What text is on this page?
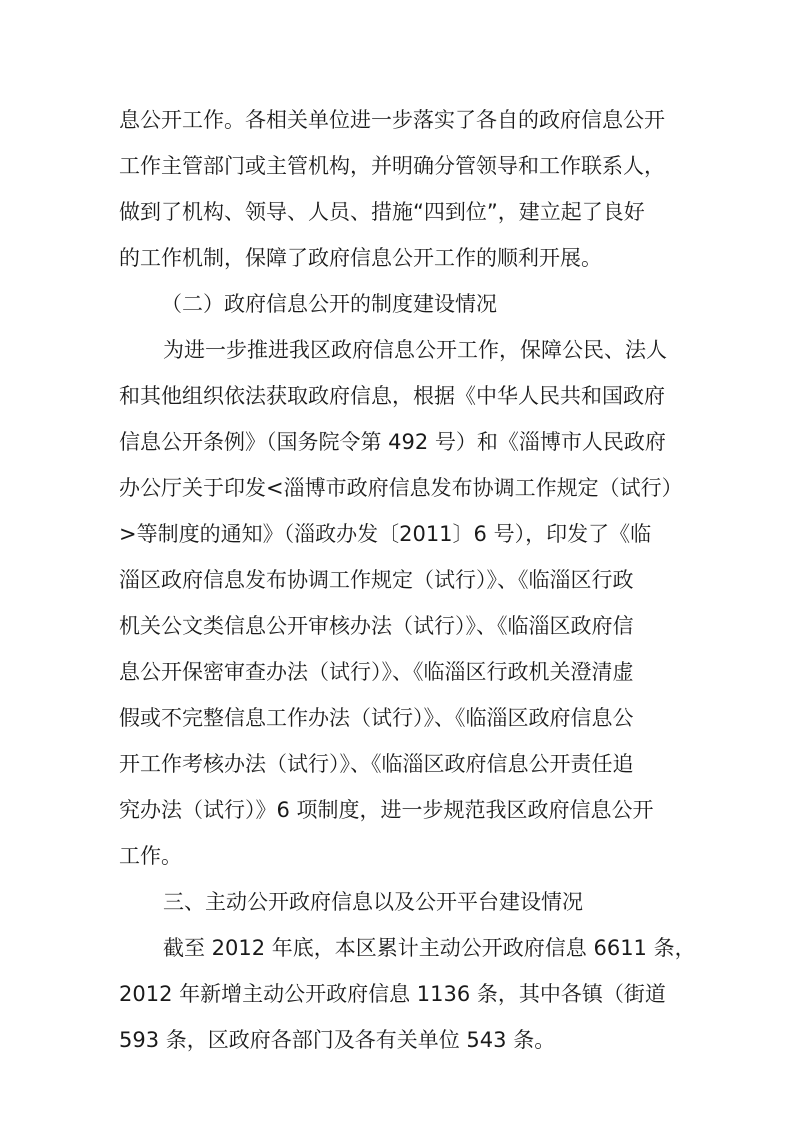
息公开工作。各相关单位进一步落实了各自的政府信息公开
工作主管部门或主管机构，并明确分管领导和工作联系人，
做到了机构、领导、人员、措施“四到位”，建立起了良好
的工作机制，保障了政府信息公开工作的顺利开展。
（二）政府信息公开的制度建设情况
为进一步推进我区政府信息公开工作，保障公民、法人
和其他组织依法获取政府信息，根据《中华人民共和国政府
信息公开条例》（国务院令第 492 号）和《淄博市人民政府
办公厅关于印发<淄博市政府信息发布协调工作规定（试行）
>等制度的通知》（淄政办发〔2011〕6 号），印发了《临
淄区政府信息发布协调工作规定（试行）》、《临淄区行政
机关公文类信息公开审核办法（试行）》、《临淄区政府信
息公开保密审查办法（试行）》、《临淄区行政机关澄清虚
假或不完整信息工作办法（试行）》、《临淄区政府信息公
开工作考核办法（试行）》、《临淄区政府信息公开责任追
究办法（试行）》6 项制度，进一步规范我区政府信息公开
工作。
三、主动公开政府信息以及公开平台建设情况
截至 2012 年底，本区累计主动公开政府信息 6611 条，
2012 年新增主动公开政府信息 1136 条，其中各镇（街道
593 条，区政府各部门及各有关单位 543 条。
